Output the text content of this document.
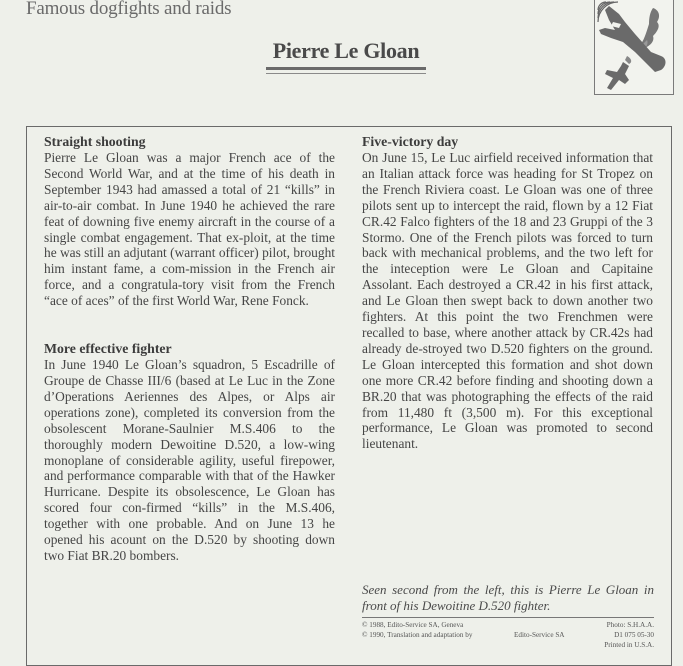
Famous dogfights and raids
Pierre Le Gloan

Straight shooting

Pierre Le Gloan was a major French ace of the Second World War, and at the time of his death in September 1943 had amassed a total of 21 “kills” in air-to-air combat. In June 1940 he achieved the rare feat of downing five enemy aircraft in the course of a single combat engagement. That ex-ploit, at the time he was still an adjutant (warrant officer) pilot, brought him instant fame, a com-mission in the French air force, and a congratula-tory visit from the French “ace of aces” of the first World War, Rene Fonck.

More effective fighter

In June 1940 Le Gloan’s squadron, 5 Escadrille of Groupe de Chasse III/6 (based at Le Luc in the Zone d’Operations Aeriennes des Alpes, or Alps air operations zone), completed its conversion from the obsolescent Morane-Saulnier M.S.406 to the thoroughly modern Dewoitine D.520, a low-wing monoplane of considerable agility, useful firepower, and performance comparable with that of the Hawker Hurricane. Despite its obsolescence, Le Gloan has scored four con-firmed “kills” in the M.S.406, together with one probable. And on June 13 he opened his acount on the D.520 by shooting down two Fiat BR.20 bombers.

Five-victory day

On June 15, Le Luc airfield received information that an Italian attack force was heading for St Tropez on the French Riviera coast. Le Gloan was one of three pilots sent up to intercept the raid, flown by a 12 Fiat CR.42 Falco fighters of the 18 and 23 Gruppi of the 3 Stormo. One of the French pilots was forced to turn back with mechanical problems, and the two left for the inteception were Le Gloan and Capitaine Assolant. Each destroyed a CR.42 in his first attack, and Le Gloan then swept back to down another two fighters. At this point the two Frenchmen were recalled to base, where another attack by CR.42s had already de-stroyed two D.520 fighters on the ground. Le Gloan intercepted this formation and shot down one more CR.42 before finding and shooting down a BR.20 that was photographing the effects of the raid from 11,480 ft (3,500 m). For this exceptional performance, Le Gloan was promoted to second lieutenant.

Seen second from the left, this is Pierre Le Gloan in front of his Dewoitine D.520 fighter.
© 1988, Edito-Service SA, Geneva	Photo: S.H.A.A.
© 1990, Translation and adaptation by	Edito-Service SA	D1 075 05-30
Printed in U.S.A.
